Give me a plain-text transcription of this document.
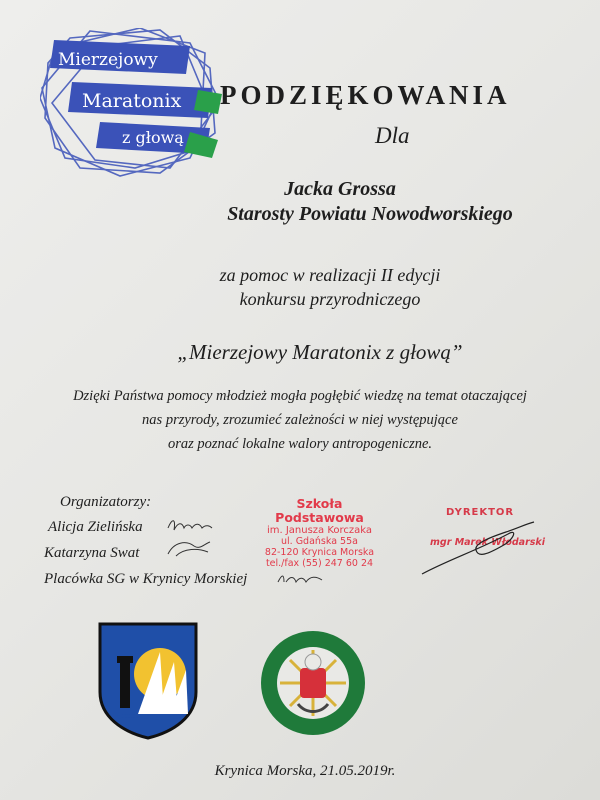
Mierzejowy
Maratonix
z głową
PODZIĘKOWANIA
Dla
Jacka Grossa
Starosty Powiatu Nowodworskiego
za pomoc w realizacji II edycji
konkursu przyrodniczego
„Mierzejowy Maratonix z głową”
Dzięki Państwa pomocy młodzież mogła pogłębić wiedzę na temat otaczającej
nas przyrody, zrozumieć zależności w niej występujące
oraz poznać lokalne walory antropogeniczne.
Organizatorzy:
Alicja Zielińska
Katarzyna Swat
Placówka SG w Krynicy Morskiej
Szkoła Podstawowa
im. Janusza Korczaka
ul. Gdańska 55a
82-120 Krynica Morska
tel./fax (55) 247 60 24
DYREKTOR
mgr Marek Włodarski
Krynica Morska, 21.05.2019r.
